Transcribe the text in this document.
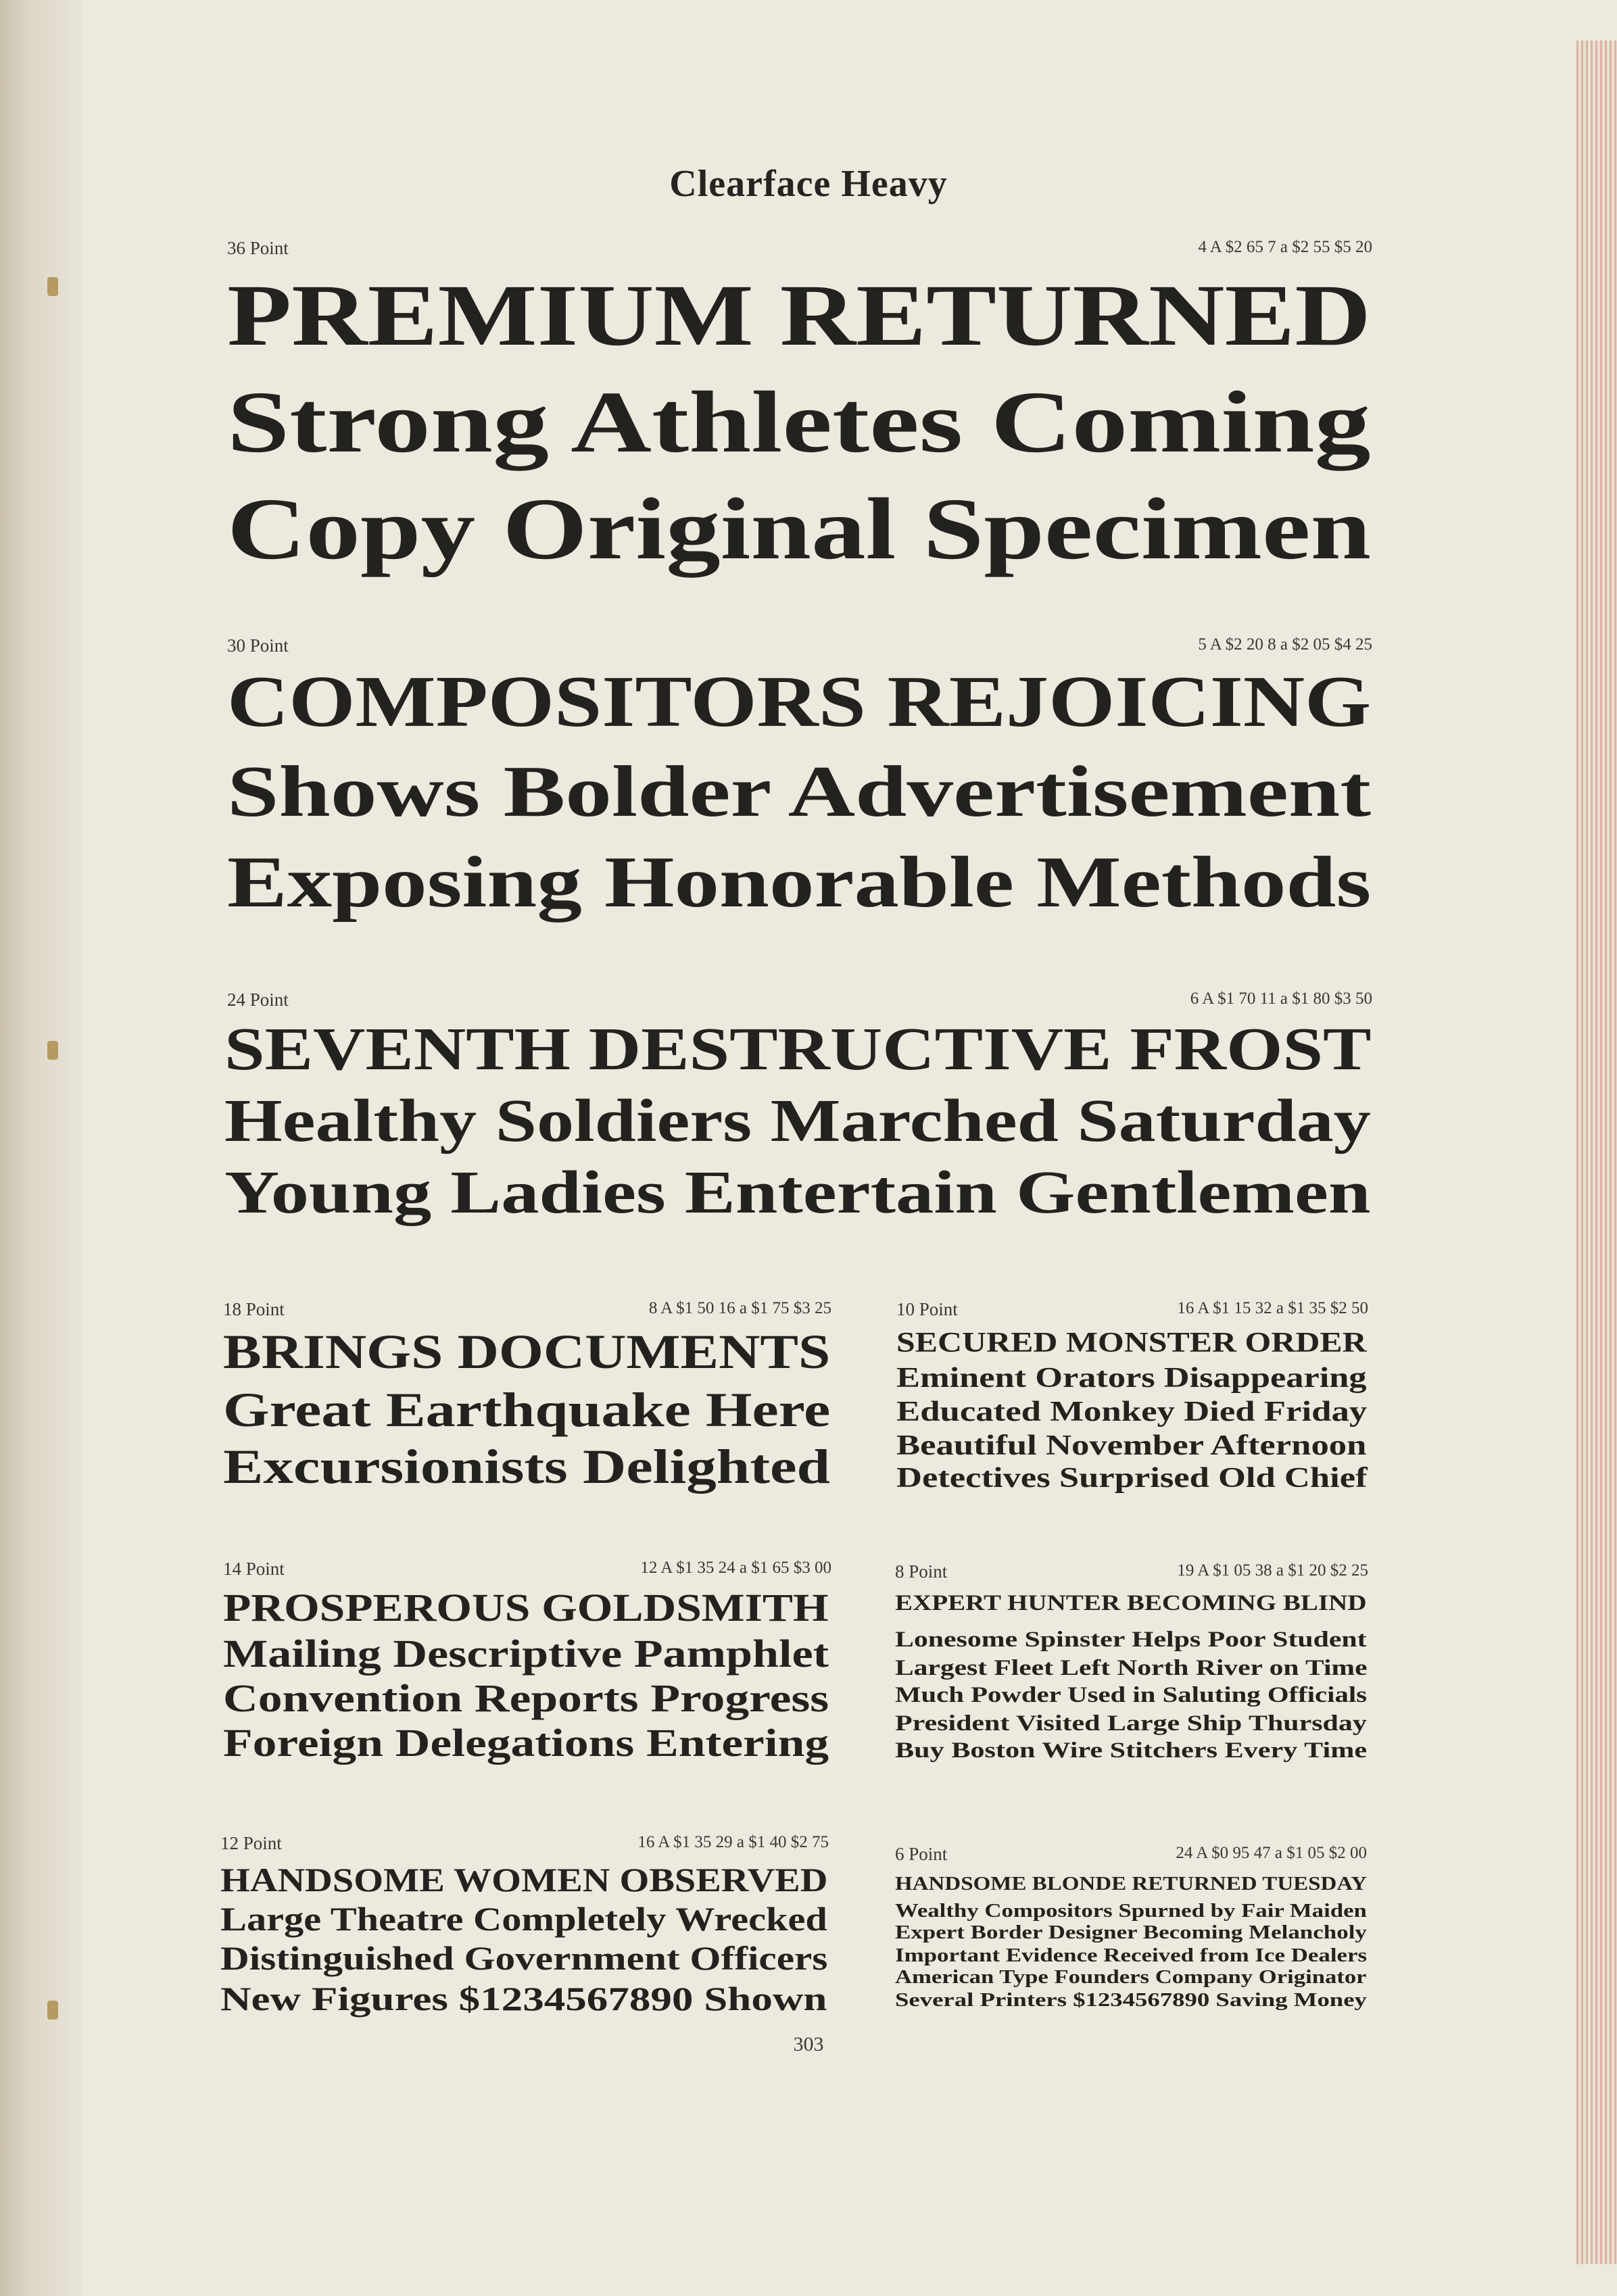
Clearface Heavy
36 Point	4 A $2 65 7 a $2 55 $5 20
PREMIUM RETURNED
Strong Athletes Coming
Copy Original Specimen
30 Point	5 A $2 20 8 a $2 05 $4 25
COMPOSITORS REJOICING
Shows Bolder Advertisement
Exposing Honorable Methods
24 Point	6 A $1 70 11 a $1 80 $3 50
SEVENTH DESTRUCTIVE FROST
Healthy Soldiers Marched Saturday
Young Ladies Entertain Gentlemen
18 Point	8 A $1 50 16 a $1 75 $3 25
BRINGS DOCUMENTS
Great Earthquake Here
Excursionists Delighted
10 Point	16 A $1 15 32 a $1 35 $2 50
SECURED MONSTER ORDER
Eminent Orators Disappearing
Educated Monkey Died Friday
Beautiful November Afternoon
Detectives Surprised Old Chief
14 Point	12 A $1 35 24 a $1 65 $3 00
PROSPEROUS GOLDSMITH
Mailing Descriptive Pamphlet
Convention Reports Progress
Foreign Delegations Entering
8 Point	19 A $1 05 38 a $1 20 $2 25
EXPERT HUNTER BECOMING BLIND
Lonesome Spinster Helps Poor Student
Largest Fleet Left North River on Time
Much Powder Used in Saluting Officials
President Visited Large Ship Thursday
Buy Boston Wire Stitchers Every Time
12 Point	16 A $1 35 29 a $1 40 $2 75
HANDSOME WOMEN OBSERVED
Large Theatre Completely Wrecked
Distinguished Government Officers
New Figures $1234567890 Shown
6 Point	24 A $0 95 47 a $1 05 $2 00
HANDSOME BLONDE RETURNED TUESDAY
Wealthy Compositors Spurned by Fair Maiden
Expert Border Designer Becoming Melancholy
Important Evidence Received from Ice Dealers
American Type Founders Company Originator
Several Printers $1234567890 Saving Money
303
